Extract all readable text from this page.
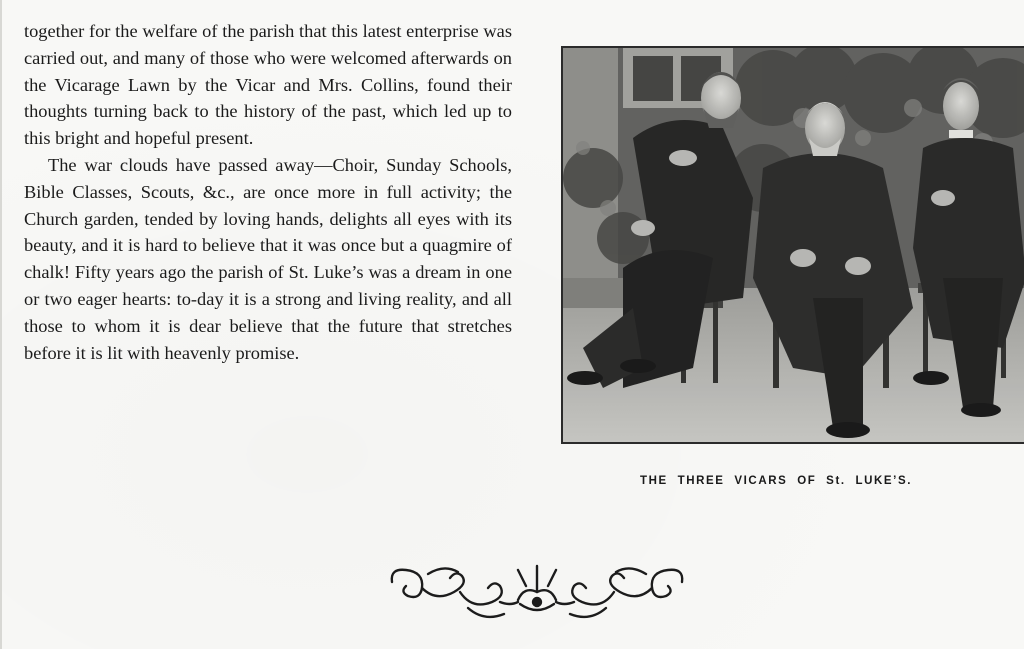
together for the welfare of the parish that this latest enterprise was carried out, and many of those who were welcomed afterwards on the Vicarage Lawn by the Vicar and Mrs. Collins, found their thoughts turning back to the history of the past, which led up to this bright and hopeful present.

The war clouds have passed away—Choir, Sunday Schools, Bible Classes, Scouts, &c., are once more in full activity; the Church garden, tended by loving hands, delights all eyes with its beauty, and it is hard to believe that it was once but a quagmire of chalk! Fifty years ago the parish of St. Luke’s was a dream in one or two eager hearts: to-day it is a strong and living reality, and all those to whom it is dear believe that the future that stretches before it is lit with heavenly promise.

THE THREE VICARS OF St. LUKE’S.
